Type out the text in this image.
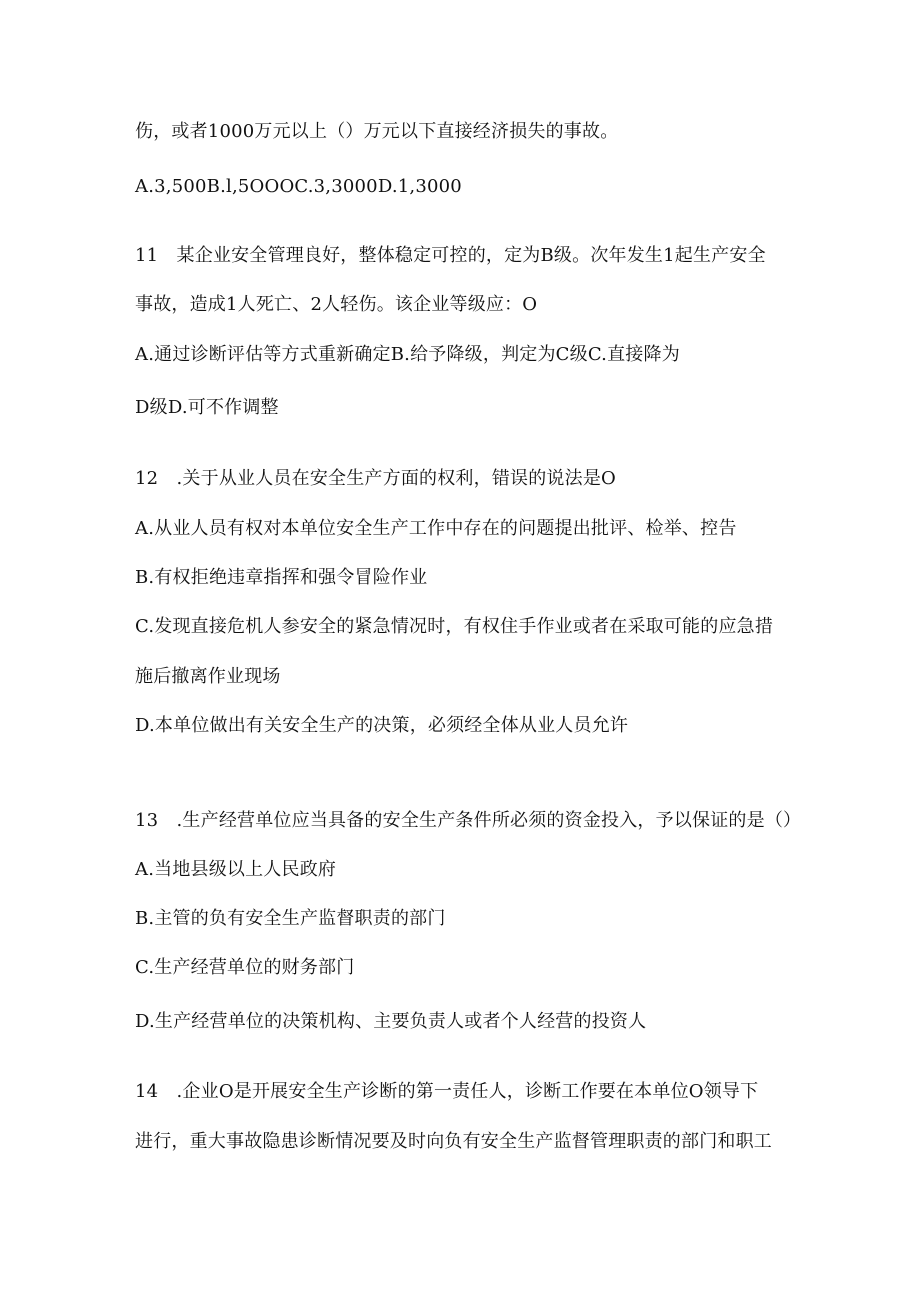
伤，或者1000万元以上（）万元以下直接经济损失的事故。
A.3,500B.l,5OOOC.3,3000D.1,3000
11　某企业安全管理良好，整体稳定可控的，定为B级。次年发生1起生产安全
事故，造成1人死亡、2人轻伤。该企业等级应：O
A.通过诊断评估等方式重新确定B.给予降级，判定为C级C.直接降为
D级D.可不作调整
12　.关于从业人员在安全生产方面的权利，错误的说法是O
A.从业人员有权对本单位安全生产工作中存在的问题提出批评、检举、控告
B.有权拒绝违章指挥和强令冒险作业
C.发现直接危机人参安全的紧急情况时，有权住手作业或者在采取可能的应急措
施后撤离作业现场
D.本单位做出有关安全生产的决策，必须经全体从业人员允许
13　.生产经营单位应当具备的安全生产条件所必须的资金投入，予以保证的是（）
A.当地县级以上人民政府
B.主管的负有安全生产监督职责的部门
C.生产经营单位的财务部门
D.生产经营单位的决策机构、主要负责人或者个人经营的投资人
14　.企业O是开展安全生产诊断的第一责任人，诊断工作要在本单位O领导下
进行，重大事故隐患诊断情况要及时向负有安全生产监督管理职责的部门和职工
